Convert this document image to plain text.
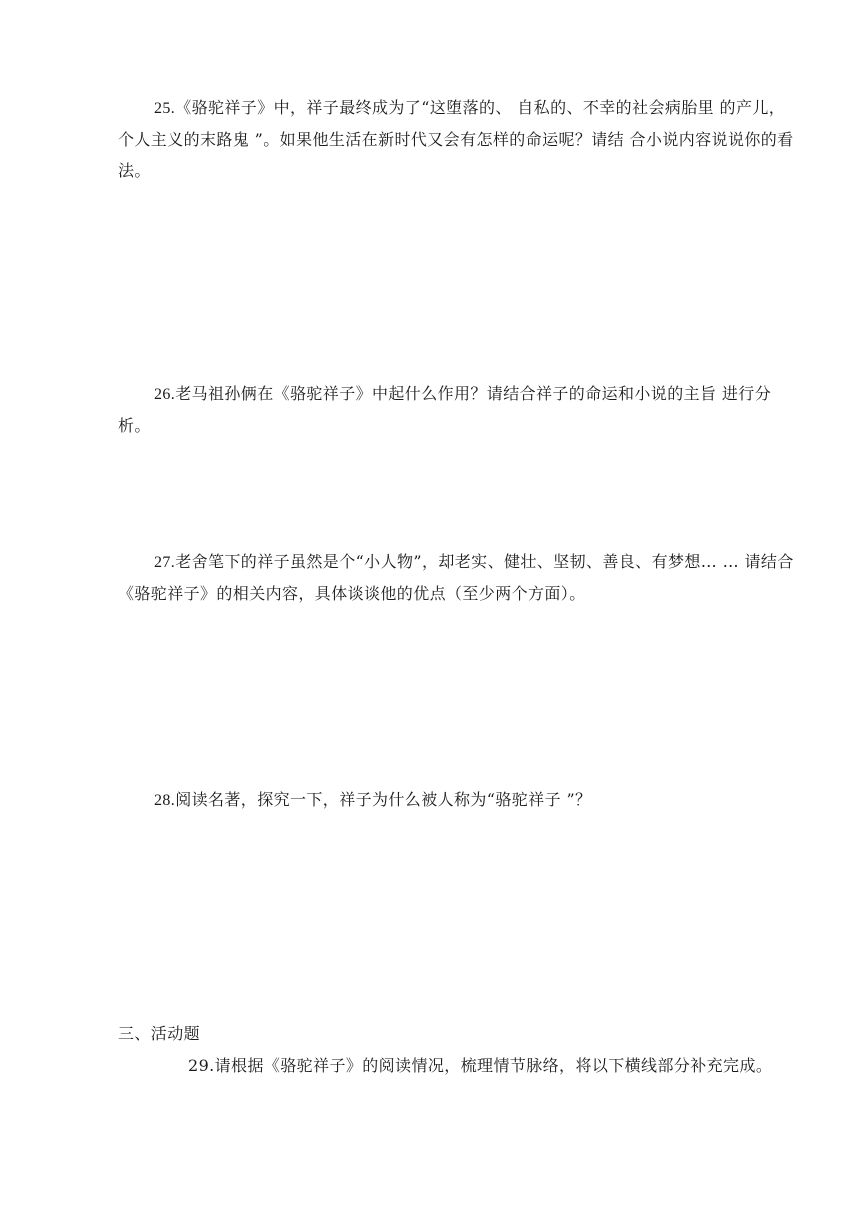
25.《骆驼祥子》中，祥子最终成为了“这堕落的、 自私的、不幸的社会病胎里 的产儿，个人主义的末路鬼 ”。如果他生活在新时代又会有怎样的命运呢？请结 合小说内容说说你的看法。
26.老马祖孙俩在《骆驼祥子》中起什么作用？请结合祥子的命运和小说的主旨 进行分析。
27.老舍笔下的祥子虽然是个“小人物”，却老实、健壮、坚韧、善良、有梦想… … 请结合《骆驼祥子》的相关内容，具体谈谈他的优点（至少两个方面）。
28.阅读名著，探究一下，祥子为什么被人称为“骆驼祥子 ”？
三、活动题
29.请根据《骆驼祥子》的阅读情况，梳理情节脉络，将以下横线部分补充完成。
